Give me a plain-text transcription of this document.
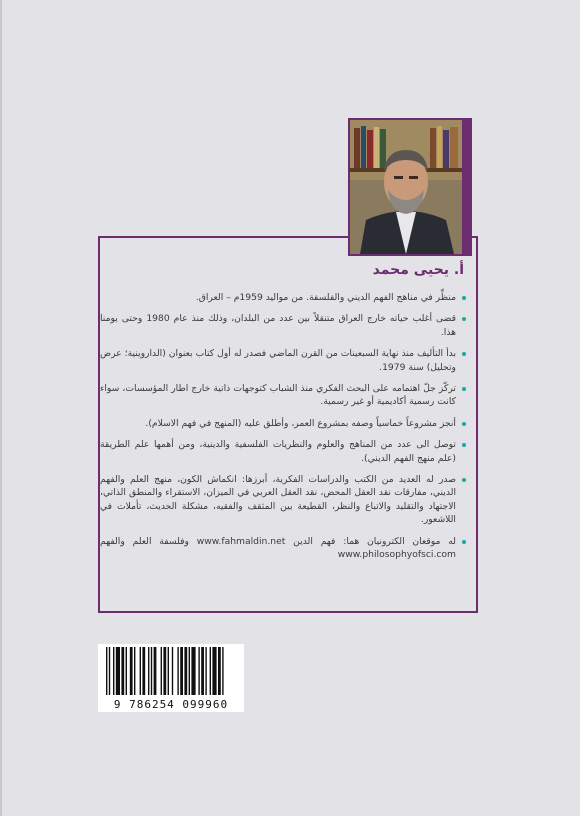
أ. يحيى محمد
منظِّر في مناهج الفهم الديني والفلسفة. من مواليد 1959م – العراق.
قضى أغلب حياته خارج العراق متنقلاً بين عدد من البلدان، وذلك منذ عام 1980 وحتى يومنا هذا.
بدأ التأليف منذ نهاية السبعينات من القرن الماضي فصدر له أول كتاب بعنوان (الداروينية؛ عرض وتحليل) سنة 1979.
تركّز جلّ اهتمامه على البحث الفكري منذ الشباب كتوجهات ذاتية خارج اطار المؤسسات، سواء كانت رسمية أكاديمية أو غير رسمية.
أنجز مشروعاً خماسياً وصفه بمشروع العمر، وأطلق عليه (المنهج في فهم الاسلام).
توصل الى عدد من المناهج والعلوم والنظريات الفلسفية والدينية، ومن أهمها علم الطريقة (علم منهج الفهم الديني).
صدر له العديد من الكتب والدراسات الفكرية، أبرزها: انكماش الكون، منهج العلم والفهم الديني، مفارقات نقد العقل المحض، نقد العقل العربي في الميزان، الاستقراء والمنطق الذاتي، الاجتهاد والتقليد والاتباع والنظر، القطيعة بين المثقف والفقيه، مشكلة الحديث، تأملات في اللاشعور.
له موقعان الكترونيان هما: فهم الدين www.fahmaldin.net وفلسفة العلم والفهم www.philosophyofsci.com
9 786254 099960
